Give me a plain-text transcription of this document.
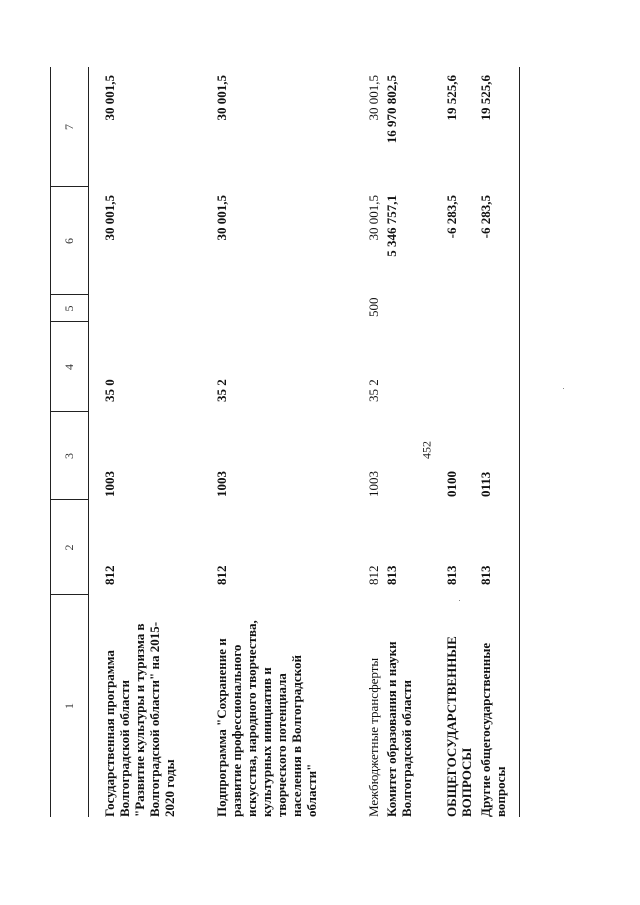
452
1
2
3
4
5
6
7
Государственная программа Волгоградской области "Развитие культуры и туризма в Волгоградской области" на 2015-2020 годы
812
1003
35 0
30 001,5
30 001,5
Подпрограмма "Сохранение и развитие профессионального искусства, народного творчества, культурных инициатив и творческого потенциала населения в Волгоградской области"
812
1003
35 2
30 001,5
30 001,5
Межбюджетные трансферты
812
1003
35 2
500
30 001,5
30 001,5
Комитет образования и науки Волгоградской области
813
5 346 757,1
16 970 802,5
ОБЩЕГОСУДАРСТВЕННЫЕ ВОПРОСЫ
813
0100
-6 283,5
19 525,6
Другие общегосударственные вопросы
813
0113
-6 283,5
19 525,6
